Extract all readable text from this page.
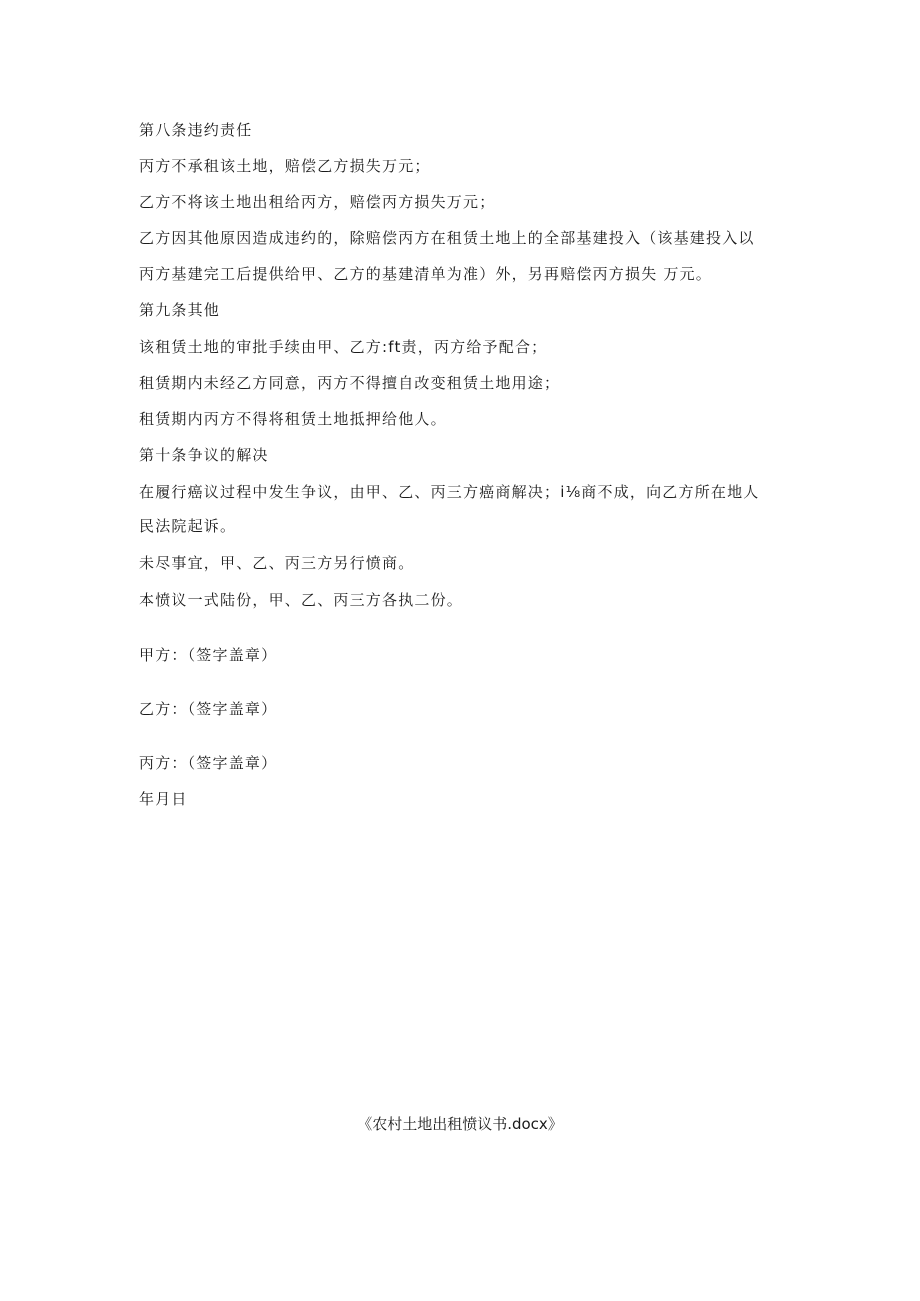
第八条违约责任
丙方不承租该土地，赔偿乙方损失万元；
乙方不将该土地出租给丙方，赔偿丙方损失万元；
乙方因其他原因造成违约的，除赔偿丙方在租赁土地上的全部基建投入（该基建投入以
丙方基建完工后提供给甲、乙方的基建清单为准）外，另再赔偿丙方损失 万元。
第九条其他
该租赁土地的审批手续由甲、乙方:ft责，丙方给予配合；
租赁期内未经乙方同意，丙方不得擅自改变租赁土地用途；
租赁期内丙方不得将租赁土地抵押给他人。
第十条争议的解决
在履行癌议过程中发生争议，由甲、乙、丙三方癌商解决；i⅛商不成，向乙方所在地人
民法院起诉。
未尽事宜，甲、乙、丙三方另行愤商。
本愤议一式陆份，甲、乙、丙三方各执二份。
甲方：（签字盖章）
乙方：（签字盖章）
丙方：（签字盖章）
年月日
《农村土地出租愤议书.docx》
